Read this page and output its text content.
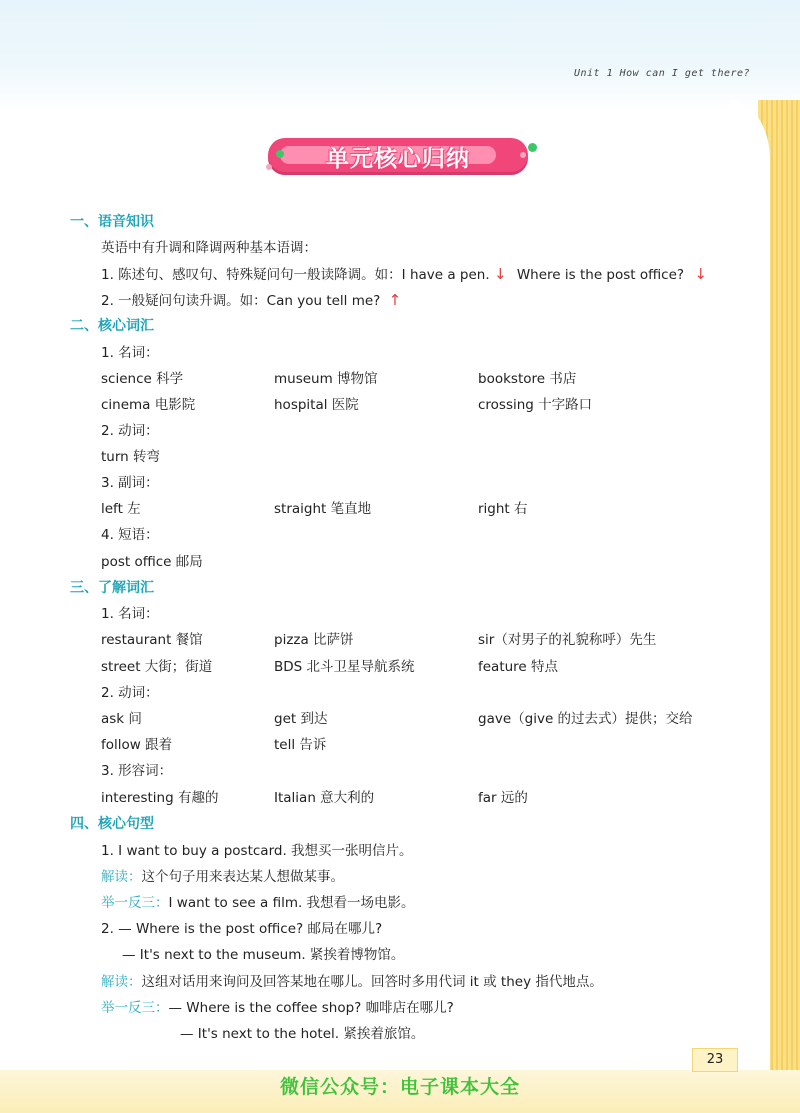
Unit 1 How can I get there?
单元核心归纳
一、语音知识
英语中有升调和降调两种基本语调：
1. 陈述句、感叹句、特殊疑问句一般读降调。如：I have a pen. ↓ Where is the post office? ↓
2. 一般疑问句读升调。如：Can you tell me? ↑
二、核心词汇
1. 名词：
science 科学	museum 博物馆	bookstore 书店
cinema 电影院	hospital 医院	crossing 十字路口
2. 动词：
turn 转弯
3. 副词：
left 左	straight 笔直地	right 右
4. 短语：
post office 邮局
三、了解词汇
1. 名词：
restaurant 餐馆	pizza 比萨饼	sir（对男子的礼貌称呼）先生
street 大街；街道	BDS 北斗卫星导航系统	feature 特点
2. 动词：
ask 问	get 到达	gave（give 的过去式）提供；交给
follow 跟着	tell 告诉
3. 形容词：
interesting 有趣的	Italian 意大利的	far 远的
四、核心句型
1. I want to buy a postcard. 我想买一张明信片。
解读：这个句子用来表达某人想做某事。
举一反三：I want to see a film. 我想看一场电影。
2. — Where is the post office? 邮局在哪儿?
— It's next to the museum. 紧挨着博物馆。
解读：这组对话用来询问及回答某地在哪儿。回答时多用代词 it 或 they 指代地点。
举一反三：— Where is the coffee shop? 咖啡店在哪儿?
— It's next to the hotel. 紧挨着旅馆。
23
微信公众号：电子课本大全
